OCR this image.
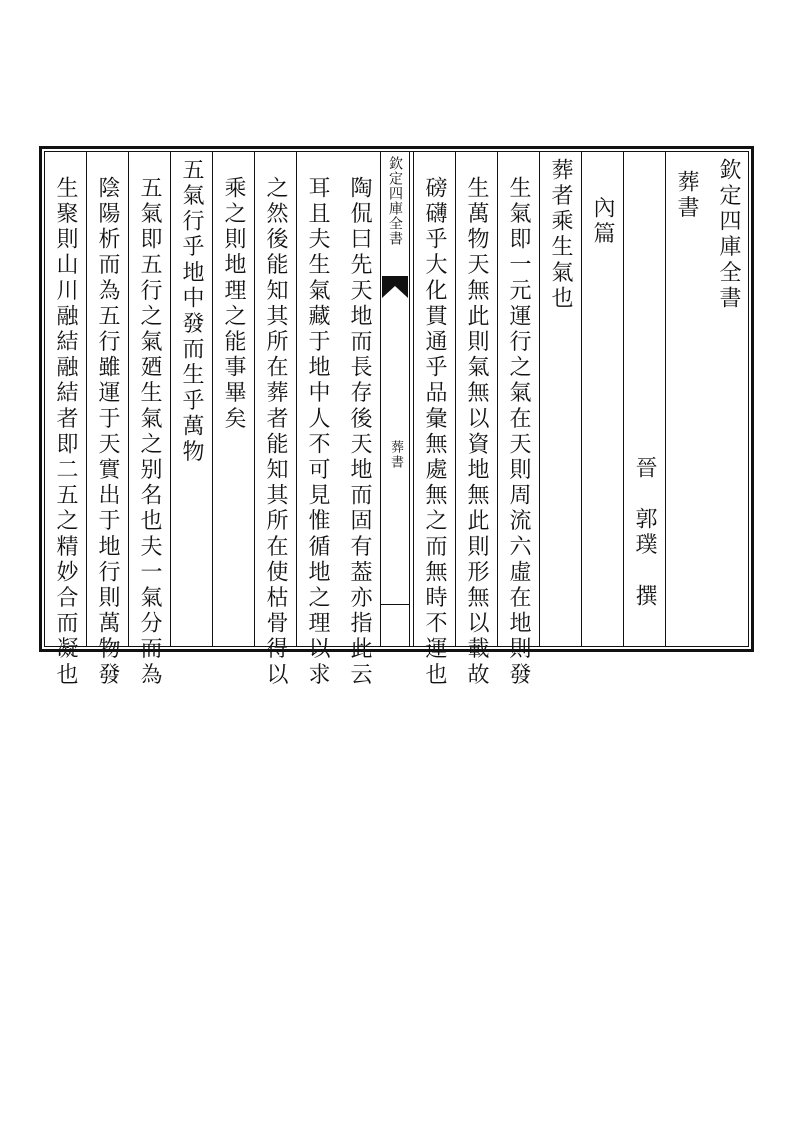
欽定四庫全書
葬書
晉　郭璞　撰
內篇
葬者乘生氣也
生氣即一元運行之氣在天則周流六虛在地則發
生萬物天無此則氣無以資地無此則形無以載故
磅礴乎大化貫通乎品彙無處無之而無時不運也
欽定四庫全書
葬書
陶侃曰先天地而長存後天地而固有葢亦指此云
耳且夫生氣藏于地中人不可見惟循地之理以求
之然後能知其所在葬者能知其所在使枯骨得以
乘之則地理之能事畢矣
五氣行乎地中發而生乎萬物
五氣即五行之氣廼生氣之别名也夫一氣分而為
陰陽析而為五行雖運于天實出于地行則萬物發
生聚則山川融結融結者即二五之精妙合而凝也
